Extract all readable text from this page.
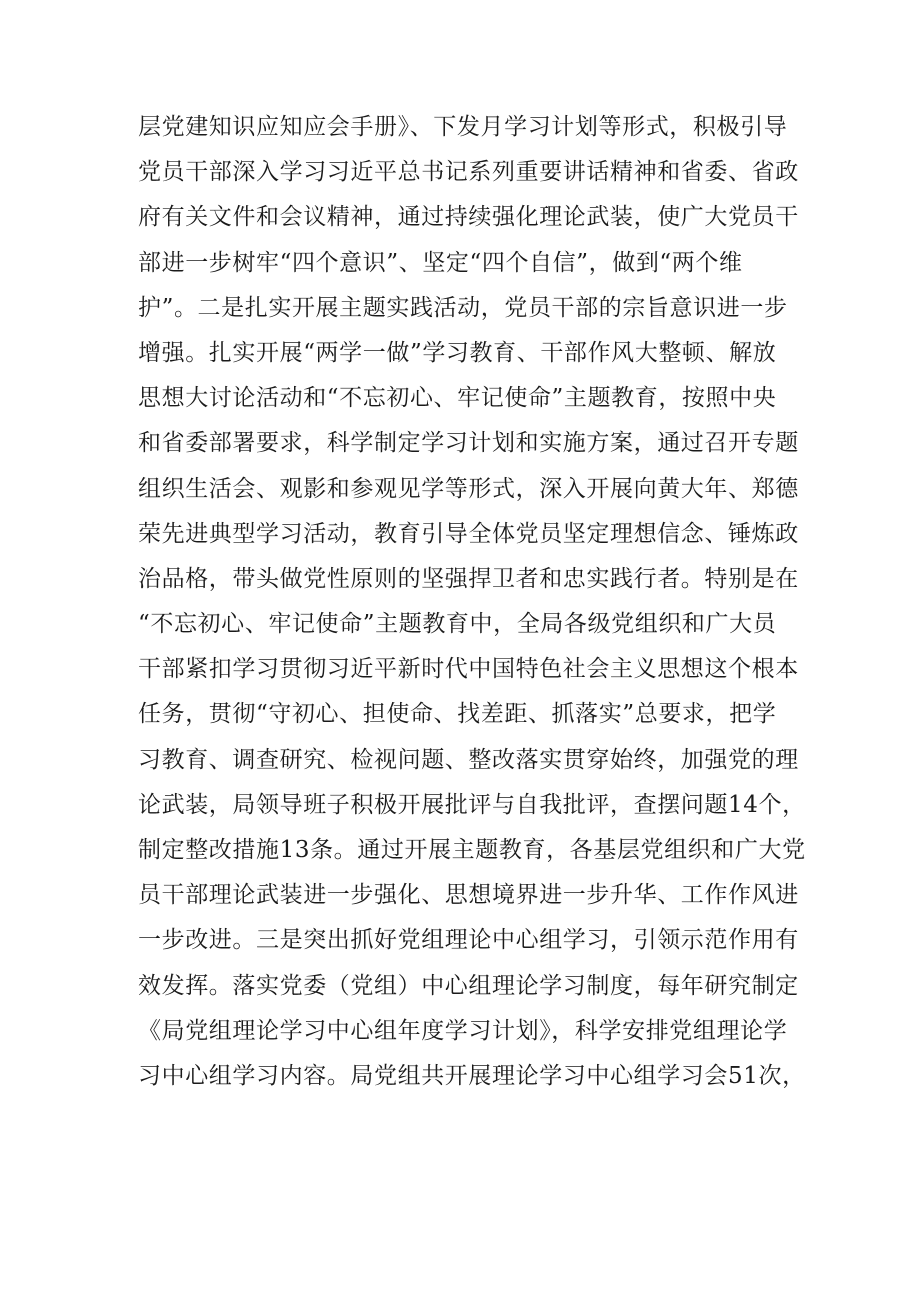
层党建知识应知应会手册》、下发月学习计划等形式，积极引导
党员干部深入学习习近平总书记系列重要讲话精神和省委、省政
府有关文件和会议精神，通过持续强化理论武装，使广大党员干
部进一步树牢“四个意识”、坚定“四个自信”，做到“两个维
护”。二是扎实开展主题实践活动，党员干部的宗旨意识进一步
增强。扎实开展“两学一做”学习教育、干部作风大整顿、解放
思想大讨论活动和“不忘初心、牢记使命”主题教育，按照中央
和省委部署要求，科学制定学习计划和实施方案，通过召开专题
组织生活会、观影和参观见学等形式，深入开展向黄大年、郑德
荣先进典型学习活动，教育引导全体党员坚定理想信念、锤炼政
治品格，带头做党性原则的坚强捍卫者和忠实践行者。特别是在
“不忘初心、牢记使命”主题教育中，全局各级党组织和广大员
干部紧扣学习贯彻习近平新时代中国特色社会主义思想这个根本
任务，贯彻“守初心、担使命、找差距、抓落实”总要求，把学
习教育、调查研究、检视问题、整改落实贯穿始终，加强党的理
论武装，局领导班子积极开展批评与自我批评，查摆问题14个，
制定整改措施13条。通过开展主题教育，各基层党组织和广大党
员干部理论武装进一步强化、思想境界进一步升华、工作作风进
一步改进。三是突出抓好党组理论中心组学习，引领示范作用有
效发挥。落实党委（党组）中心组理论学习制度，每年研究制定
《局党组理论学习中心组年度学习计划》，科学安排党组理论学
习中心组学习内容。局党组共开展理论学习中心组学习会51次，
